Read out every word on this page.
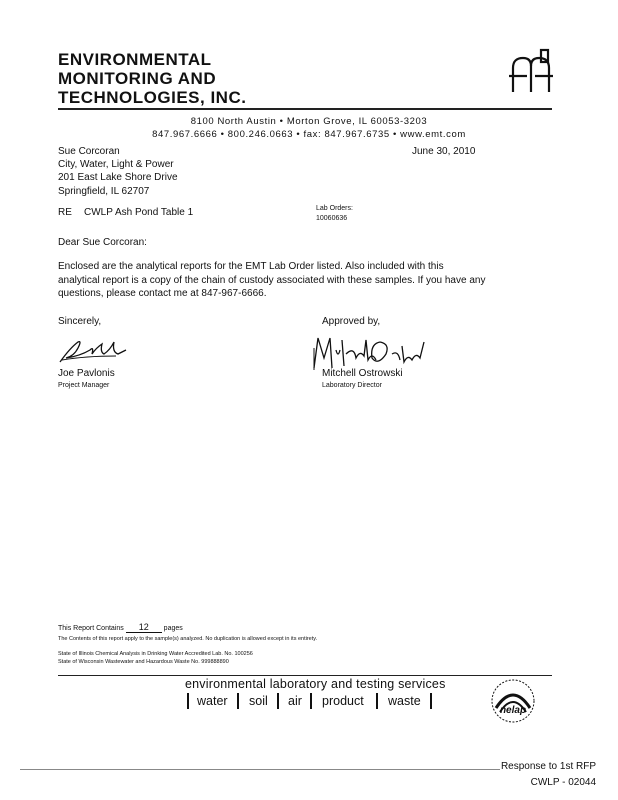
ENVIRONMENTAL
MONITORING AND
TECHNOLOGIES, INC.
8100 North Austin • Morton Grove, IL 60053-3203
847.967.6666 • 800.246.0663 • fax: 847.967.6735 • www.emt.com
Sue Corcoran
City, Water, Light & Power
201 East Lake Shore Drive
Springfield, IL 62707
June 30, 2010
RE CWLP Ash Pond Table 1	Lab Orders:
10060636
Dear Sue Corcoran:
Enclosed are the analytical reports for the EMT Lab Order listed. Also included with this analytical report is a copy of the chain of custody associated with these samples. If you have any questions, please contact me at 847-967-6666.
Sincerely,	Approved by,
Joe Pavlonis
Project Manager
Mitchell Ostrowski
Laboratory Director
This Report Contains 12 pages
The Contents of this report apply to the sample(s) analyzed. No duplication is allowed except in its entirety.
State of Illinois Chemical Analysis in Drinking Water Accredited Lab. No. 100256
State of Wisconsin Wastewater and Hazardous Waste No. 999888890
environmental laboratory and testing services
water soil air product waste
nelap
Response to 1st RFP
CWLP - 02044
